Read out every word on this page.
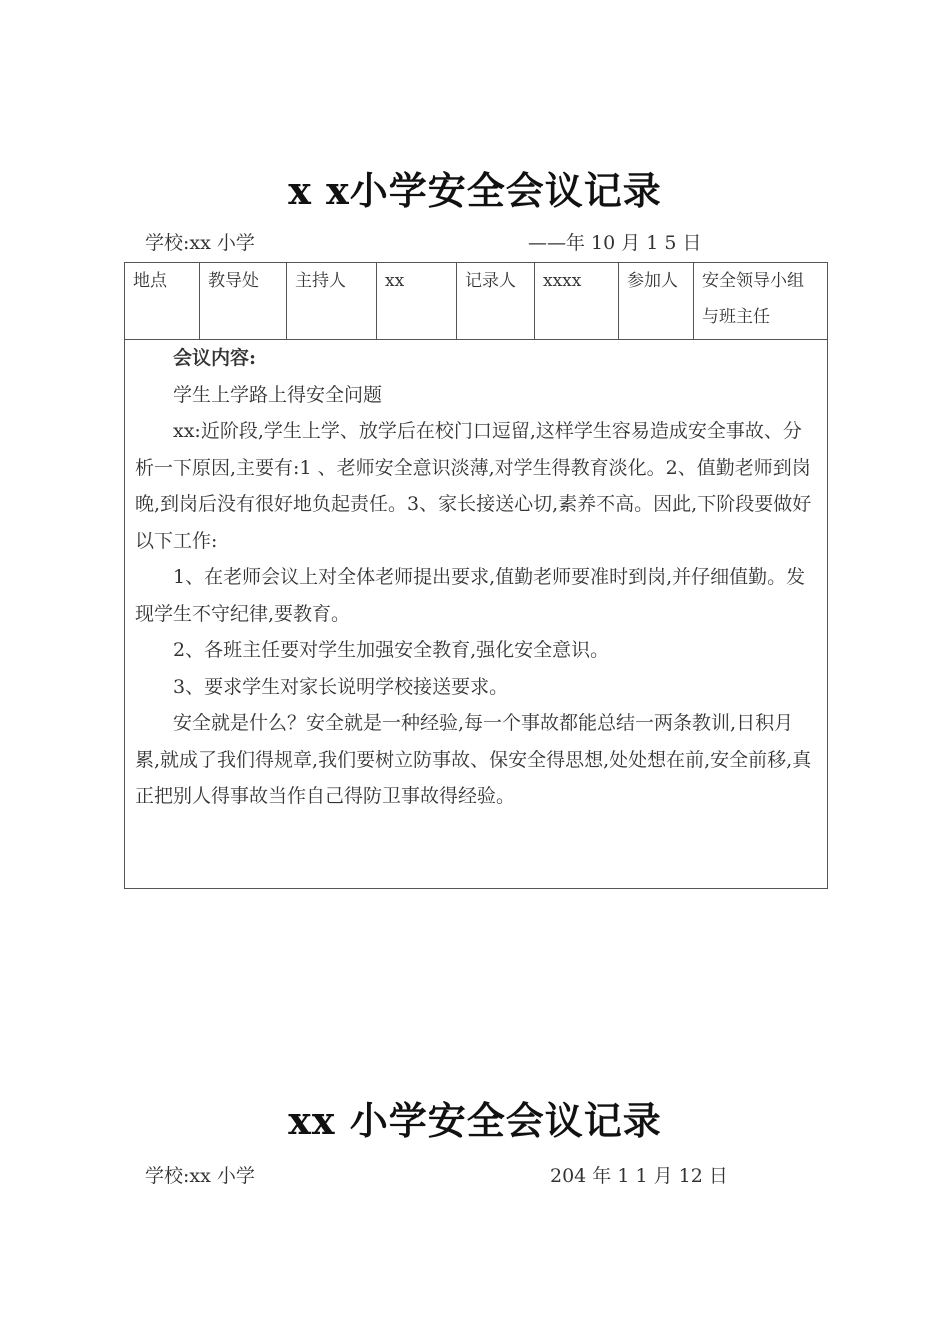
x x小学安全会议记录
学校:xx 小学	——年 10 月 1 5 日
地点	教导处	主持人	xx	记录人	xxxx	参加人	安全领导小组与班主任

会议内容:

学生上学路上得安全问题

xx:近阶段,学生上学、放学后在校门口逗留,这样学生容易造成安全事故、分析一下原因,主要有:1 、老师安全意识淡薄,对学生得教育淡化。2、值勤老师到岗晚,到岗后没有很好地负起责任。3、家长接送心切,素养不高。因此,下阶段要做好以下工作:

1、在老师会议上对全体老师提出要求,值勤老师要准时到岗,并仔细值勤。发现学生不守纪律,要教育。

2、各班主任要对学生加强安全教育,强化安全意识。

3、要求学生对家长说明学校接送要求。

安全就是什么？安全就是一种经验,每一个事故都能总结一两条教训,日积月累,就成了我们得规章,我们要树立防事故、保安全得思想,处处想在前,安全前移,真正把别人得事故当作自己得防卫事故得经验。

xx 小学安全会议记录
学校:xx 小学	204 年 1 1 月 12 日
